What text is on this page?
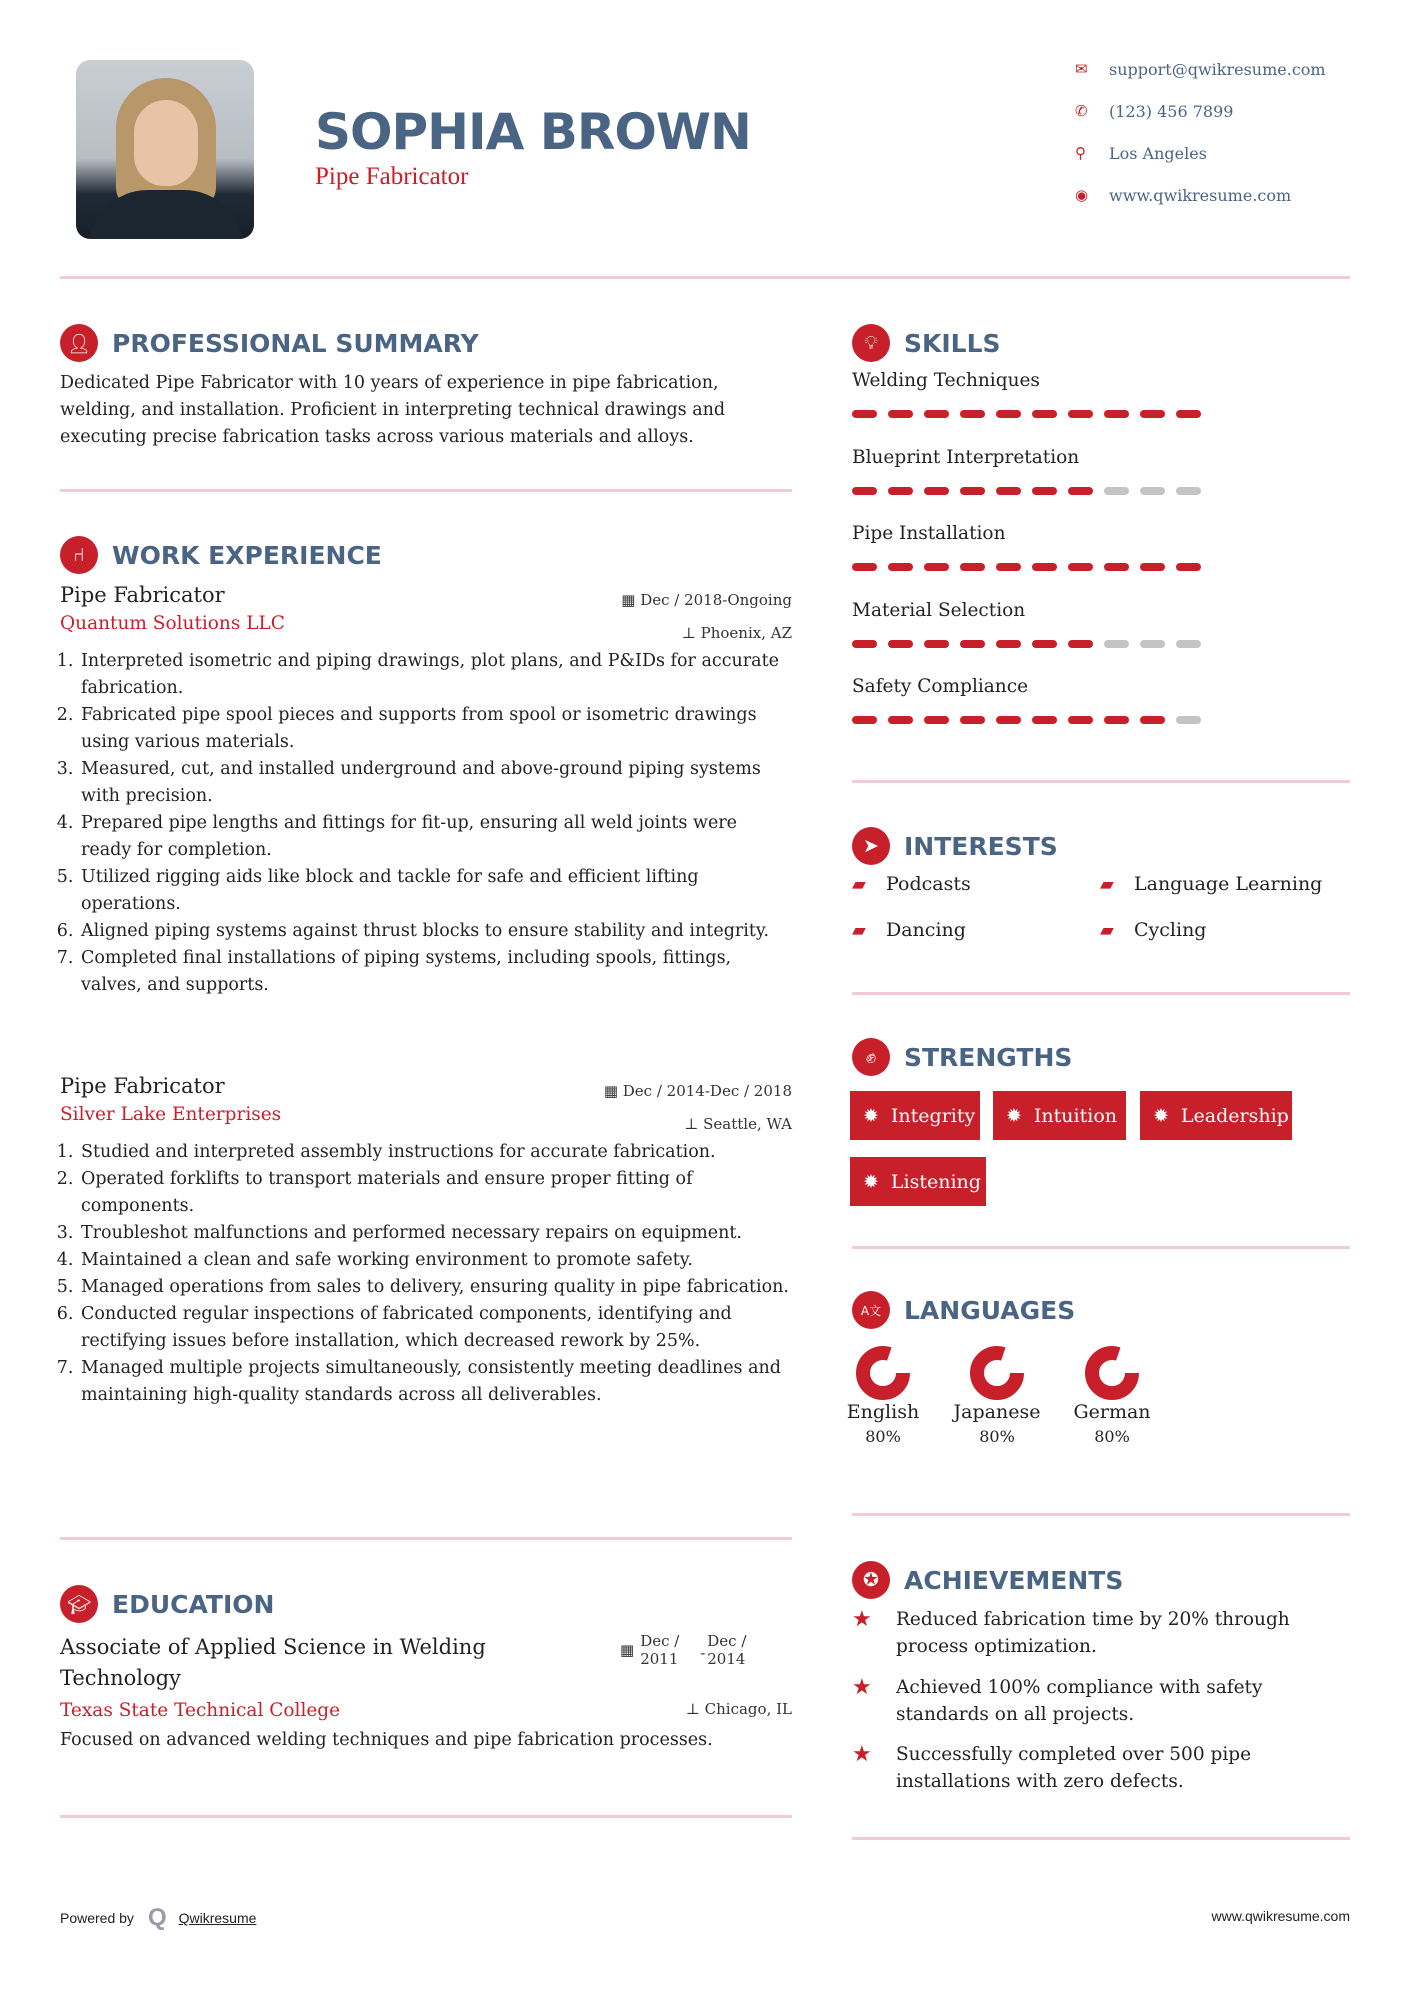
SOPHIA BROWN
Pipe Fabricator
✉	support@qwikresume.com
✆	(123) 456 7899
⚲	Los Angeles
◉	www.qwikresume.com
👤︎ PROFESSIONAL SUMMARY
Dedicated Pipe Fabricator with 10 years of experience in pipe fabrication, welding, and installation. Proficient in interpreting technical drawings and executing precise fabrication tasks across various materials and alloys.
⑁	WORK EXPERIENCE
Pipe Fabricator
Quantum Solutions LLC
▦ Dec / 2018-Ongoing
⊥ Phoenix, AZ
1. Interpreted isometric and piping drawings, plot plans, and P&IDs for accurate fabrication.
2. Fabricated pipe spool pieces and supports from spool or isometric drawings using various materials.
3. Measured, cut, and installed underground and above-ground piping systems with precision.
4. Prepared pipe lengths and fittings for fit-up, ensuring all weld joints were ready for completion.
5. Utilized rigging aids like block and tackle for safe and efficient lifting operations.
6. Aligned piping systems against thrust blocks to ensure stability and integrity.
7. Completed final installations of piping systems, including spools, fittings, valves, and supports.
Pipe Fabricator
Silver Lake Enterprises
▦ Dec / 2014-Dec / 2018
⊥ Seattle, WA
1. Studied and interpreted assembly instructions for accurate fabrication.
2. Operated forklifts to transport materials and ensure proper fitting of components.
3. Troubleshot malfunctions and performed necessary repairs on equipment.
4. Maintained a clean and safe working environment to promote safety.
5. Managed operations from sales to delivery, ensuring quality in pipe fabrication.
6. Conducted regular inspections of fabricated components, identifying and rectifying issues before installation, which decreased rework by 25%.
7. Managed multiple projects simultaneously, consistently meeting deadlines and maintaining high-quality standards across all deliverables.
🎓︎ EDUCATION
Associate of Applied Science in Welding Technology
Texas State Technical College
▦ Dec / 2011	-
Dec / 2014
⊥ Chicago, IL
Focused on advanced welding techniques and pipe fabrication processes.
💡︎	SKILLS
Welding Techniques
Blueprint Interpretation
Pipe Installation
Material Selection
Safety Compliance
➤	INTERESTS
▰	Podcasts	▰	Language Learning
▰	Dancing	▰	Cycling
✊︎	STRENGTHS
✹ Integrity ✹ Intuition ✹ Leadership
✹ Listening
A文 LANGUAGES
English
80%
Japanese
80%
German
80%
✪	ACHIEVEMENTS
★	Reduced fabrication time by 20% through process optimization.
★	Achieved 100% compliance with safety standards on all projects.
★	Successfully completed over 500 pipe installations with zero defects.
Powered by Q Qwikresume	www.qwikresume.com
